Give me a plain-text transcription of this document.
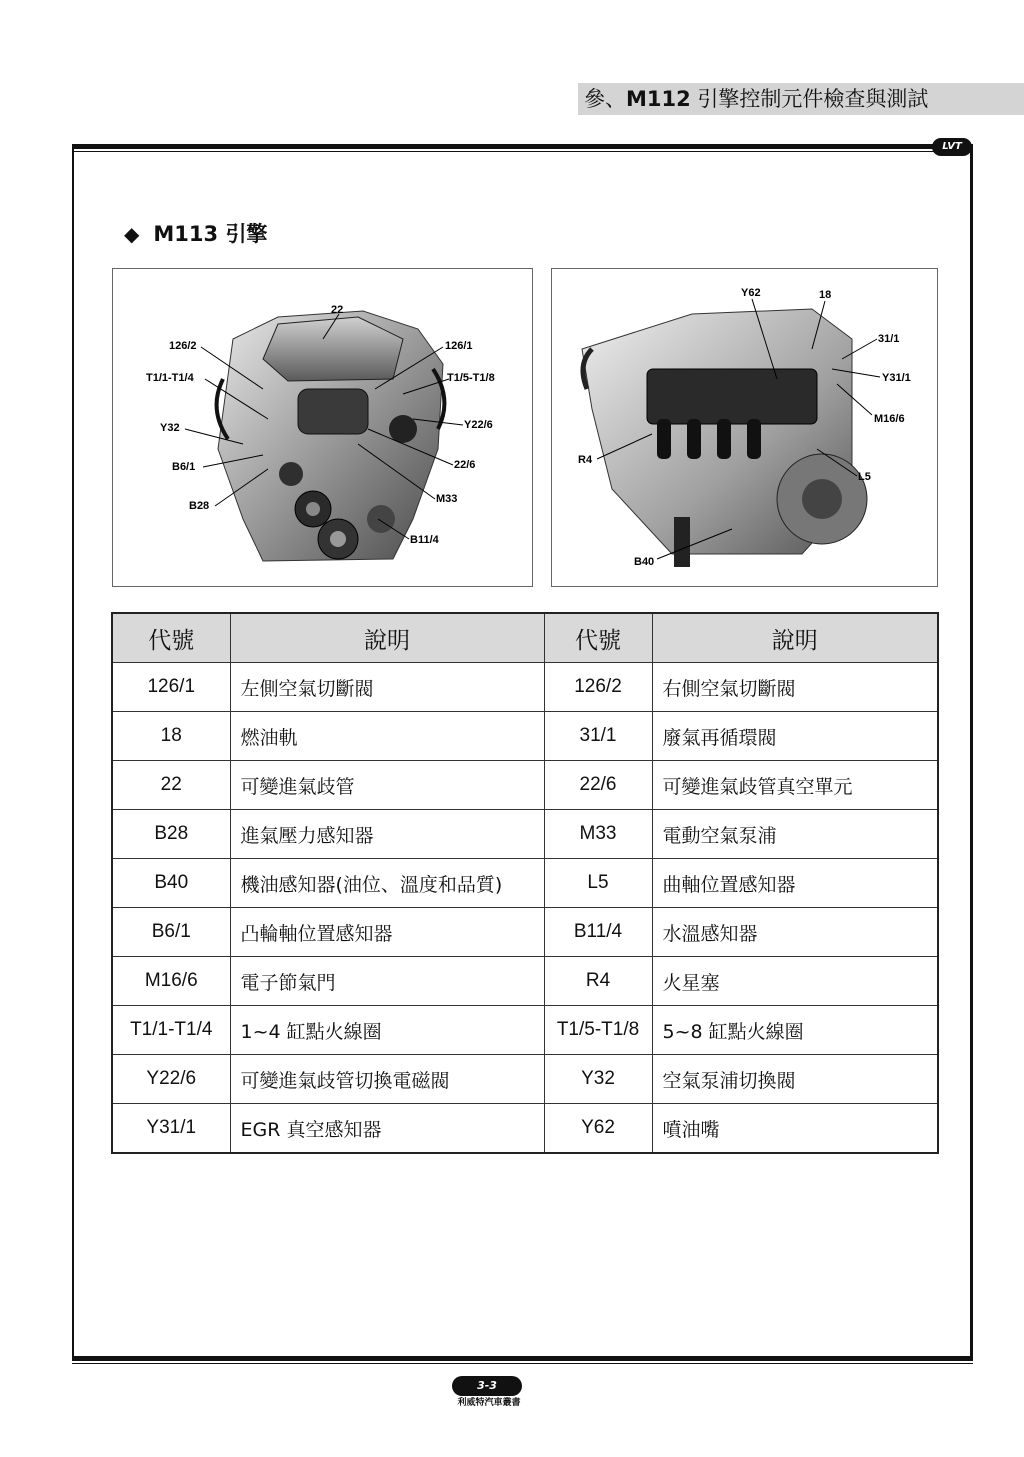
參、M112 引擎控制元件檢查與測試
LVT
◆ M113 引擎
22
126/2	126/1
T1/1-T1/4	T1/5-T1/8
Y22/6
Y32
22/6
B6/1
M33
B28
B11/4
Y62	18
31/1
Y31/1
M16/6
R4
L5
B40
代號	說明	代號	說明
126/1	左側空氣切斷閥	126/2	右側空氣切斷閥
18	燃油軌	31/1	廢氣再循環閥
22	可變進氣歧管	22/6	可變進氣歧管真空單元
B28	進氣壓力感知器	M33	電動空氣泵浦
B40	機油感知器(油位、溫度和品質)	L5	曲軸位置感知器
B6/1	凸輪軸位置感知器	B11/4	水溫感知器
M16/6	電子節氣門	R4	火星塞
T1/1-T1/4	1~4 缸點火線圈	T1/5-T1/8	5~8 缸點火線圈
Y22/6	可變進氣歧管切換電磁閥	Y32	空氣泵浦切換閥
Y31/1	EGR 真空感知器	Y62	噴油嘴
3-3
利威特汽車叢書
